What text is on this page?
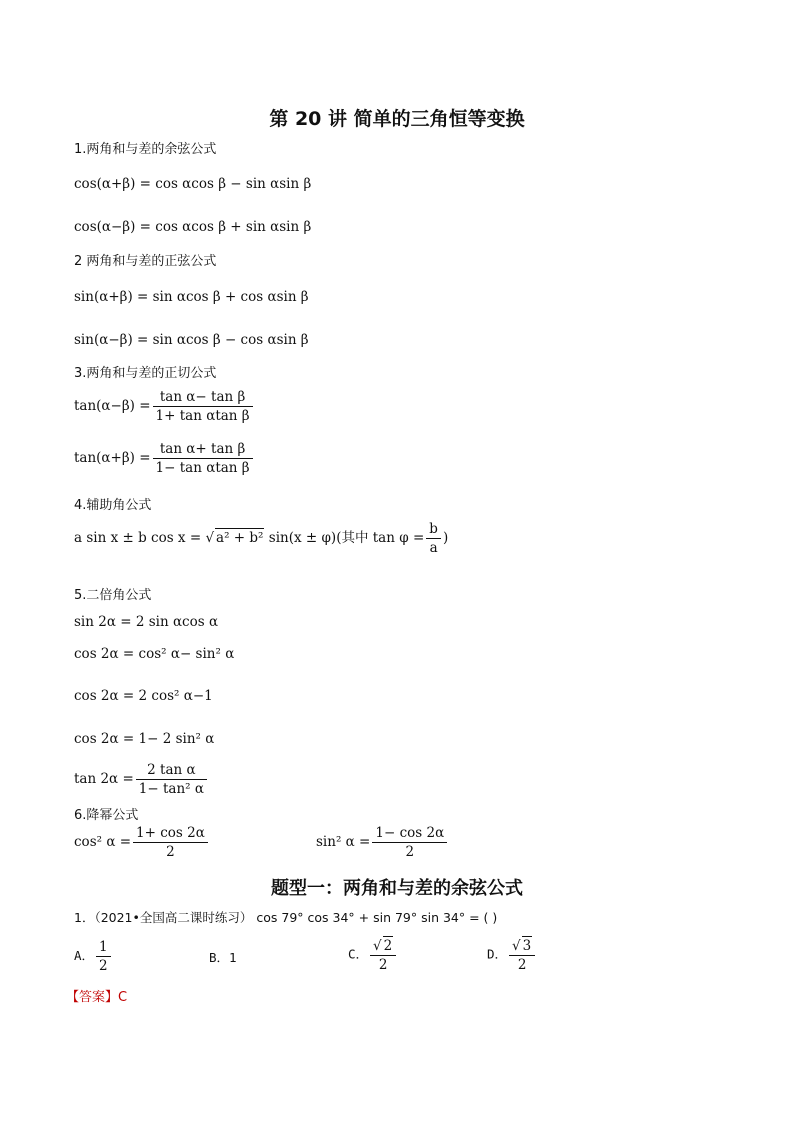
第 20 讲 简单的三角恒等变换
1.两角和与差的余弦公式
cos(α+β) = cos αcos β − sin αsin β
cos(α−β) = cos αcos β + sin αsin β
2 两角和与差的正弦公式
sin(α+β) = sin αcos β + cos αsin β
sin(α−β) = sin αcos β − cos αsin β
3.两角和与差的正切公式
$\tan(\alpha-\beta) = \frac{\text{tan α− tan β}}{\text{1+ tan αtan β}}$
$\tan(\alpha+\beta) = \frac{\text{tan α+ tan β}}{\text{1− tan αtan β}}$
4.辅助角公式
a sin x ± b cos x = √ a² + b² sin(x ± φ)(其中 $\tan \varphi = \frac{b}{a}$ )
5.二倍角公式
sin 2α = 2 sin αcos α
cos 2α = cos² α− sin² α
cos 2α = 2 cos² α−1
cos 2α = 1− 2 sin² α
$\tan 2\alpha = \frac{\text{2 tan α}}{\text{1− tan² α}}$
6.降幂公式
cos² $\alpha = \frac{1+ \cos 2\alpha}{2}$	sin² $\alpha = \frac{1- \cos 2\alpha}{2}$
题型一：两角和与差的余弦公式
1．（2021•全国高二课时练习） cos 79° cos 34° + sin 79° sin 34° = ( )
A． $\frac{1}{2}$	B．1	C． $\frac{√ 2}{2}$	D． $\frac{√ 3}{2}$
【答案】C
